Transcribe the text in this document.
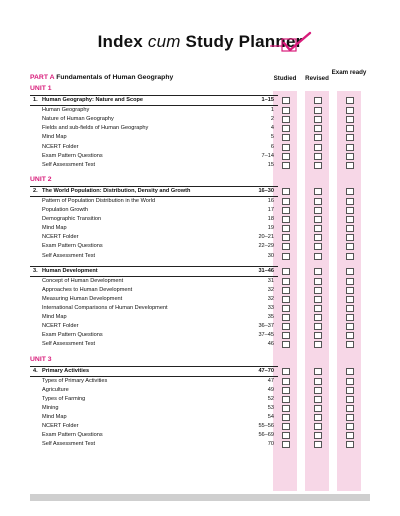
Index cum Study Planner
Studied	Revised
Exam ready
PART A Fundamentals of Human Geography
UNIT 1
1. Human Geography: Nature and Scope	1–15
Human Geography	1
Nature of Human Geography	2
Fields and sub-fields of Human Geography	4
Mind Map	5
NCERT Folder	6
Exam Pattern Questions	7–14
Self Assessment Test	15
UNIT 2
2. The World Population: Distribution, Density and Growth	16–30
Pattern of Population Distribution in the World	16
Population Growth	17
Demographic Transition	18
Mind Map	19
NCERT Folder	20–21
Exam Pattern Questions	22–29
Self Assessment Test	30
3. Human Development	31–46
Concept of Human Development	31
Approaches to Human Development	32
Measuring Human Development	32
International Comparisons of Human Development	33
Mind Map	35
NCERT Folder	36–37
Exam Pattern Questions	37–45
Self Assessment Test	46
UNIT 3
4. Primary Activities	47–70
Types of Primary Activities	47
Agriculture	49
Types of Farming	52
Mining	53
Mind Map	54
NCERT Folder	55–56
Exam Pattern Questions	56–69
Self Assessment Test	70
